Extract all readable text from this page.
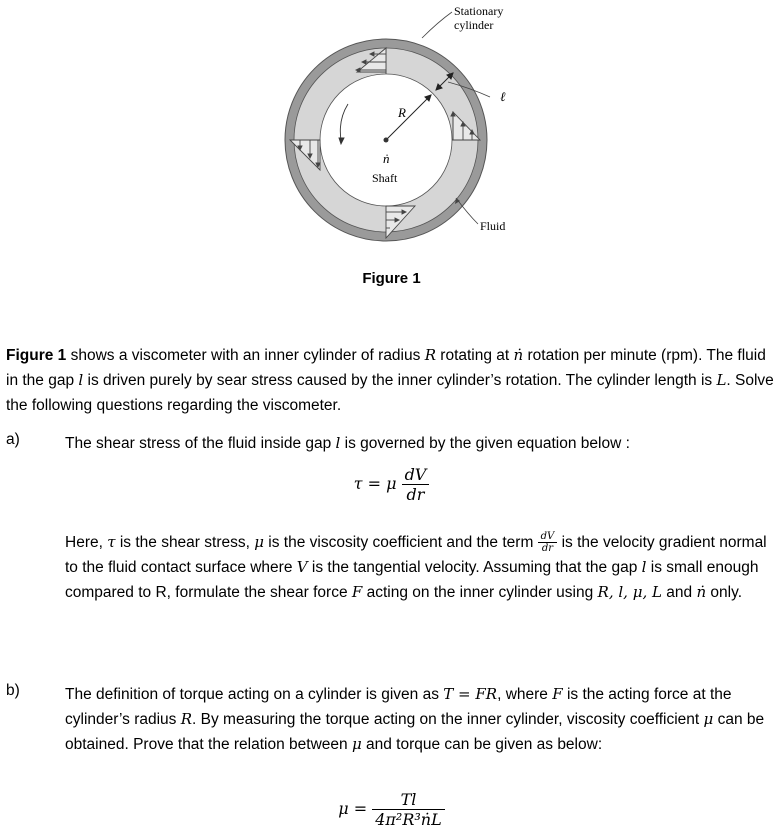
ℓ
R
ṅ
Shaft
Stationary
cylinder
Fluid
Figure 1
Figure 1 shows a viscometer with an inner cylinder of radius R rotating at ṅ rotation per minute (rpm). The fluid in the gap l is driven purely by sear stress caused by the inner cylinder’s rotation. The cylinder length is L. Solve the following questions regarding the viscometer.
a)	The shear stress of the fluid inside gap l is governed by the given equation below :
τ = μ $\frac{dV}{dr}$
Here, τ is the shear stress, μ is the viscosity coefficient and the term $\frac{dV}{dr}$ is the velocity gradient normal to the fluid contact surface where V is the tangential velocity. Assuming that the gap l is small enough compared to R, formulate the shear force F acting on the inner cylinder using R, l, μ, L and ṅ only.
b)	The definition of torque acting on a cylinder is given as T = FR, where F is the acting force at the cylinder’s radius R. By measuring the torque acting on the inner cylinder, viscosity coefficient μ can be obtained. Prove that the relation between μ and torque can be given as below:
$\mu = \frac{Tl}{\text{4π²R³ṅL}}$
